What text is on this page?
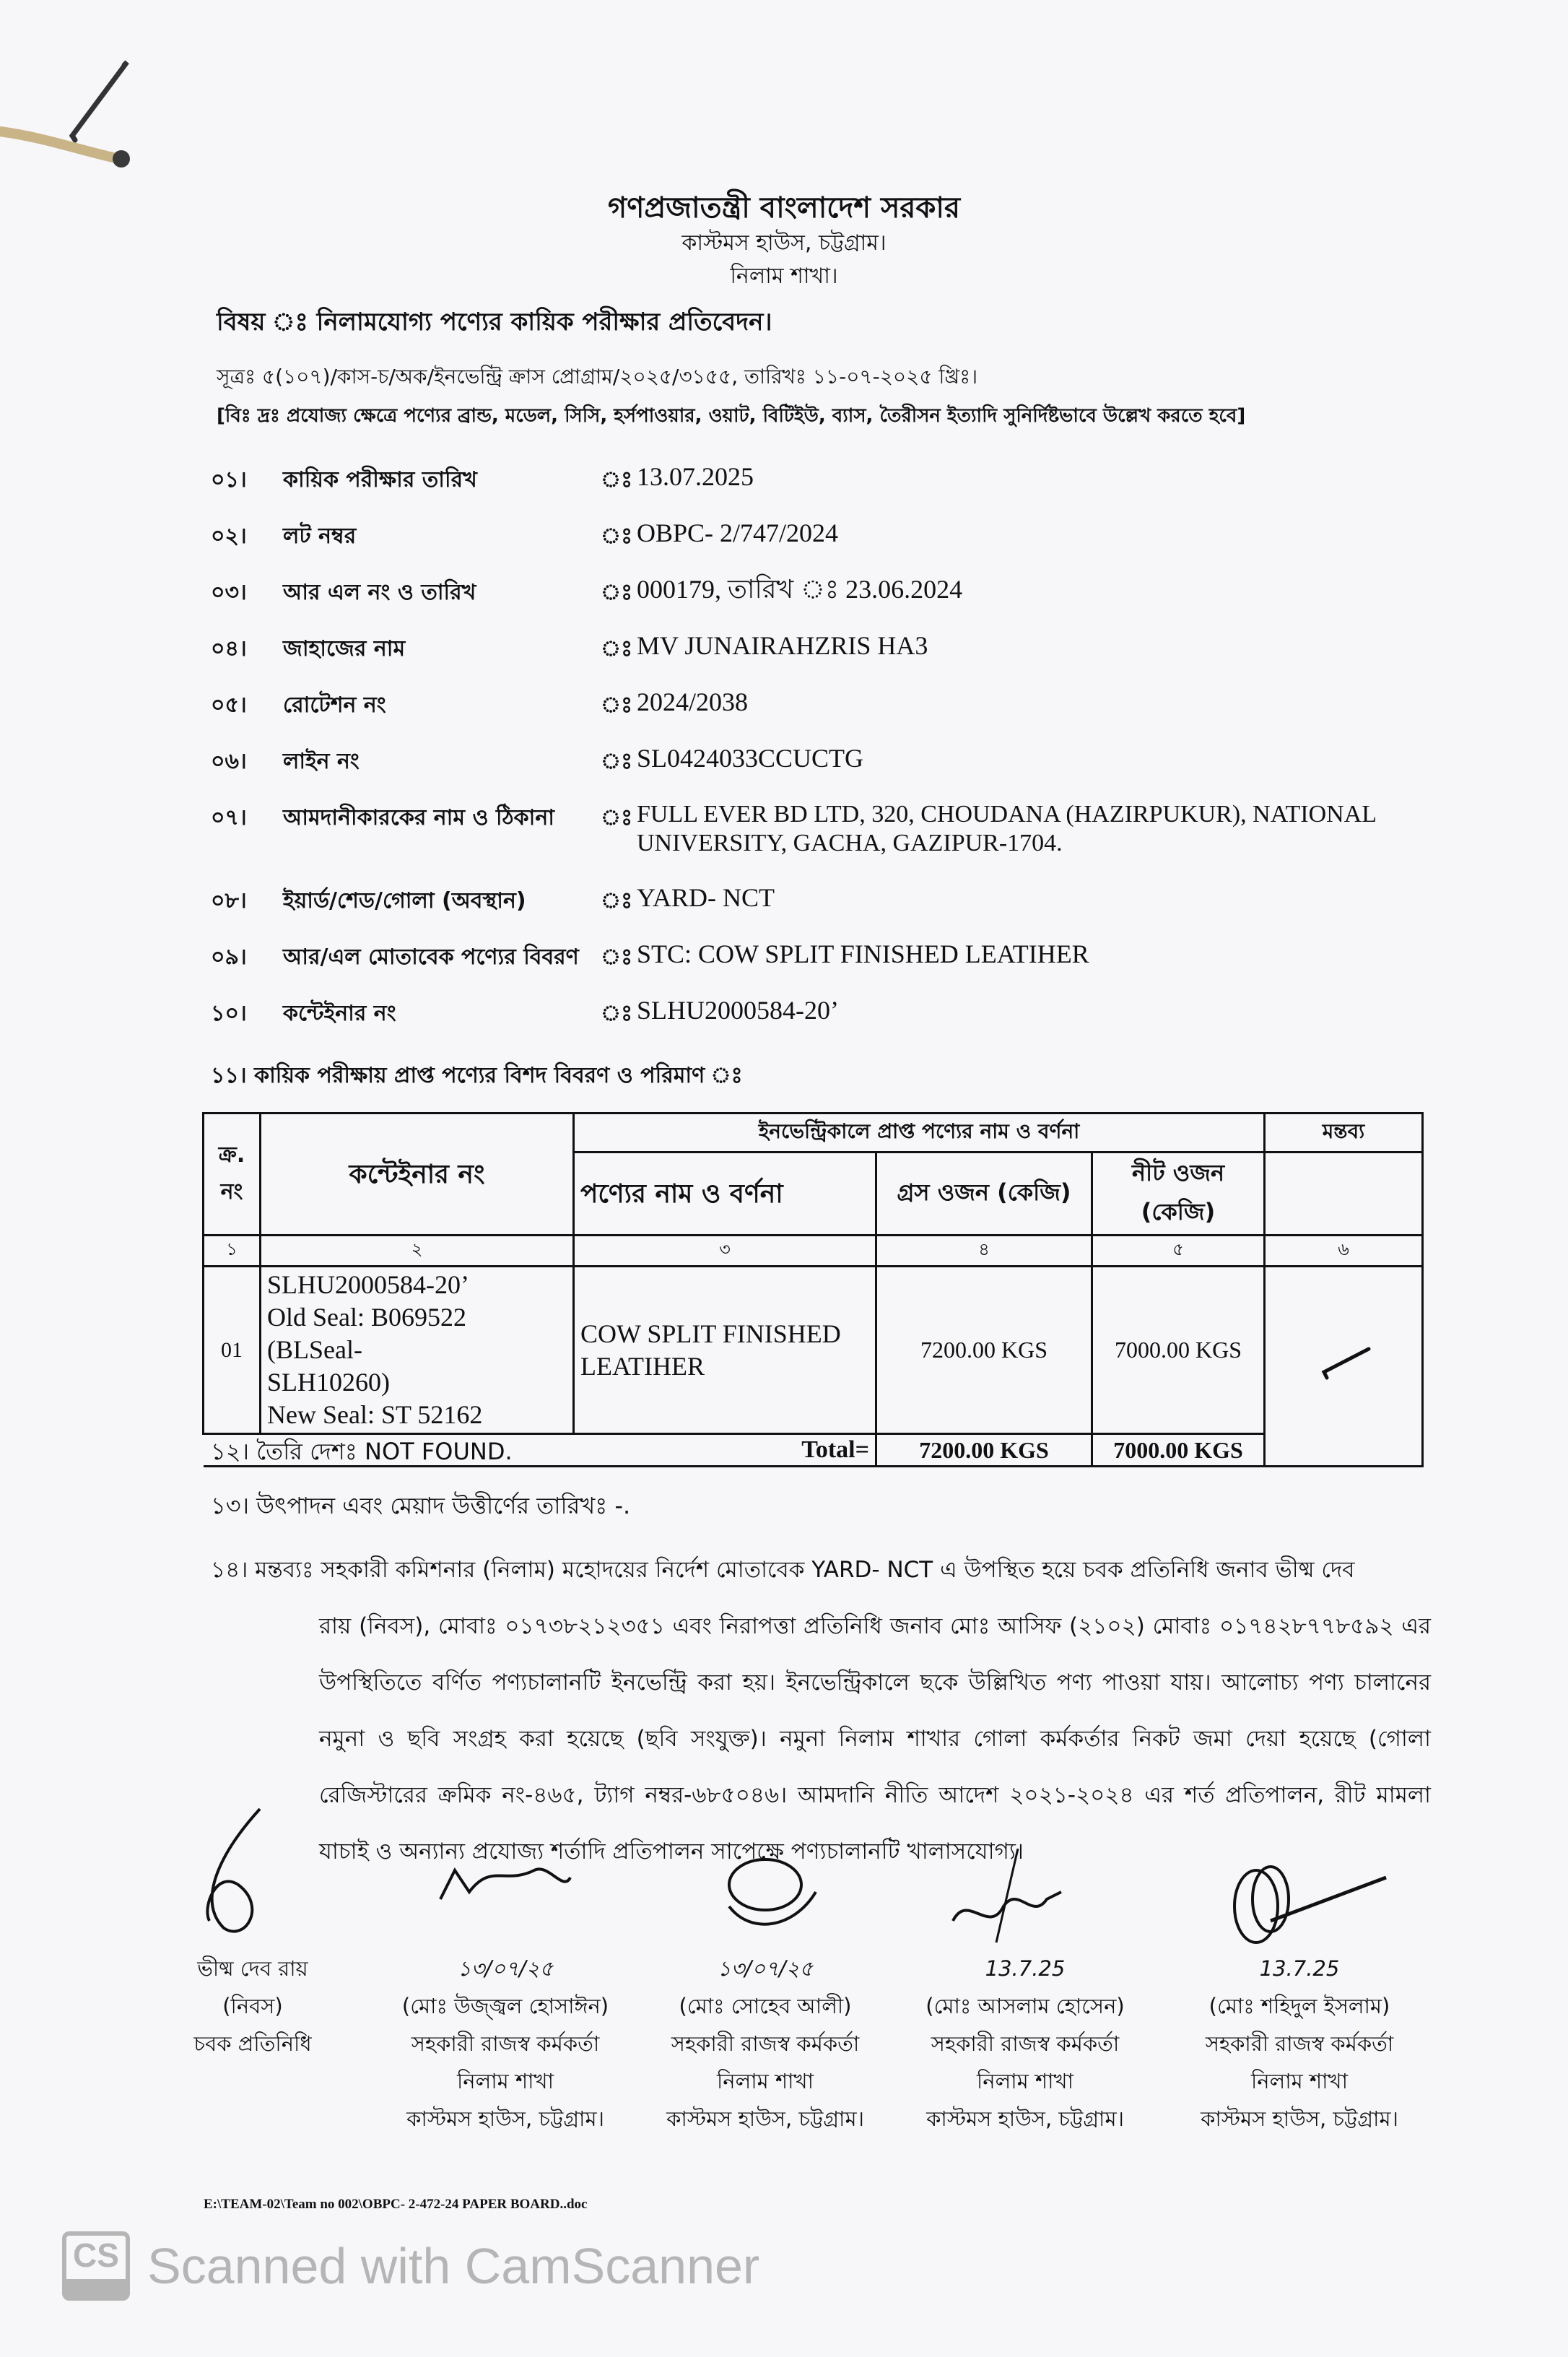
গণপ্রজাতন্ত্রী বাংলাদেশ সরকার
কাস্টমস হাউস, চট্টগ্রাম।
নিলাম শাখা।
বিষয় ঃ নিলামযোগ্য পণ্যের কায়িক পরীক্ষার প্রতিবেদন।
সূত্রঃ ৫(১০৭)/কাস-চ/অক/ইনভেন্ট্রি ক্রাস প্রোগ্রাম/২০২৫/৩১৫৫, তারিখঃ ১১-০৭-২০২৫ খ্রিঃ।
[বিঃ দ্রঃ প্রযোজ্য ক্ষেত্রে পণ্যের ব্রান্ড, মডেল, সিসি, হর্সপাওয়ার, ওয়াট, বিটিইউ, ব্যাস, তৈরীসন ইত্যাদি সুনির্দিষ্টভাবে উল্লেখ করতে হবে]
০১।	কায়িক পরীক্ষার তারিখ	ঃ 13.07.2025
০২।	লট নম্বর	ঃ OBPC- 2/747/2024
০৩।	আর এল নং ও তারিখ	ঃ 000179, তারিখ ঃ 23.06.2024
০৪।	জাহাজের নাম	ঃ MV JUNAIRAHZRIS HA3
০৫।	রোটেশন নং	ঃ 2024/2038
০৬।	লাইন নং	ঃ SL0424033CCUCTG
০৭।	আমদানীকারকের নাম ও ঠিকানা	ঃ FULL EVER BD LTD, 320, CHOUDANA (HAZIRPUKUR), NATIONAL UNIVERSITY, GACHA, GAZIPUR-1704.
০৮।	ইয়ার্ড/শেড/গোলা (অবস্থান)	ঃ YARD- NCT
০৯।	আর/এল মোতাবেক পণ্যের বিবরণ	ঃ STC: COW SPLIT FINISHED LEATIHER
১০।	কন্টেইনার নং	ঃ SLHU2000584-20’
১১। কায়িক পরীক্ষায় প্রাপ্ত পণ্যের বিশদ বিবরণ ও পরিমাণ ঃ
ক্র.
নং	কন্টেইনার নং	ইনভেন্ট্রিকালে প্রাপ্ত পণ্যের নাম ও বর্ণনা			মন্তব্য
		পণ্যের নাম ও বর্ণনা	গ্রস ওজন (কেজি)	নীট ওজন (কেজি)	
১	২	৩	৪	৫	৬
01	SLHU2000584-20’
Old Seal: B069522 (BLSeal-
SLH10260)
New Seal: ST 52162	COW SPLIT FINISHED LEATIHER	7200.00 KGS	7000.00 KGS	
Total=			7200.00 KGS	7000.00 KGS	
১২। তৈরি দেশঃ NOT FOUND.
১৩। উৎপাদন এবং মেয়াদ উত্তীর্ণের তারিখঃ -.
১৪। মন্তব্যঃ সহকারী কমিশনার (নিলাম) মহোদয়ের নির্দেশ মোতাবেক YARD- NCT এ উপস্থিত হয়ে চবক প্রতিনিধি জনাব ভীষ্ম দেব
রায় (নিবস), মোবাঃ ০১৭৩৮২১২৩৫১ এবং নিরাপত্তা প্রতিনিধি জনাব মোঃ আসিফ (২১০২) মোবাঃ ০১৭৪২৮৭৭৮৫৯২ এর উপস্থিতিতে বর্ণিত পণ্যচালানটি ইনভেন্ট্রি করা হয়। ইনভেন্ট্রিকালে ছকে উল্লিখিত পণ্য পাওয়া যায়। আলোচ্য পণ্য চালানের নমুনা ও ছবি সংগ্রহ করা হয়েছে (ছবি সংযুক্ত)। নমুনা নিলাম শাখার গোলা কর্মকর্তার নিকট জমা দেয়া হয়েছে (গোলা রেজিস্টারের ক্রমিক নং-৪৬৫, ট্যাগ নম্বর-৬৮৫০৪৬। আমদানি নীতি আদেশ ২০২১-২০২৪ এর শর্ত প্রতিপালন, রীট মামলা যাচাই ও অন্যান্য প্রযোজ্য শর্তাদি প্রতিপালন সাপেক্ষে পণ্যচালানটি খালাসযোগ্য।
ভীষ্ম দেব রায় (নিবস)
চবক প্রতিনিধি
১৩/০৭/২৫
(মোঃ উজ্জ্বল হোসাঈন)
সহকারী রাজস্ব কর্মকর্তা
নিলাম শাখা
কাস্টমস হাউস, চট্টগ্রাম।
১৩/০৭/২৫
(মোঃ সোহেব আলী)
সহকারী রাজস্ব কর্মকর্তা
নিলাম শাখা
কাস্টমস হাউস, চট্টগ্রাম।
13.7.25
(মোঃ আসলাম হোসেন)
সহকারী রাজস্ব কর্মকর্তা
নিলাম শাখা
কাস্টমস হাউস, চট্টগ্রাম।
13.7.25
(মোঃ শহিদুল ইসলাম)
সহকারী রাজস্ব কর্মকর্তা
নিলাম শাখা
কাস্টমস হাউস, চট্টগ্রাম।
E:\TEAM-02\Team no 002\OBPC- 2-472-24 PAPER BOARD..doc
CS Scanned with CamScanner
